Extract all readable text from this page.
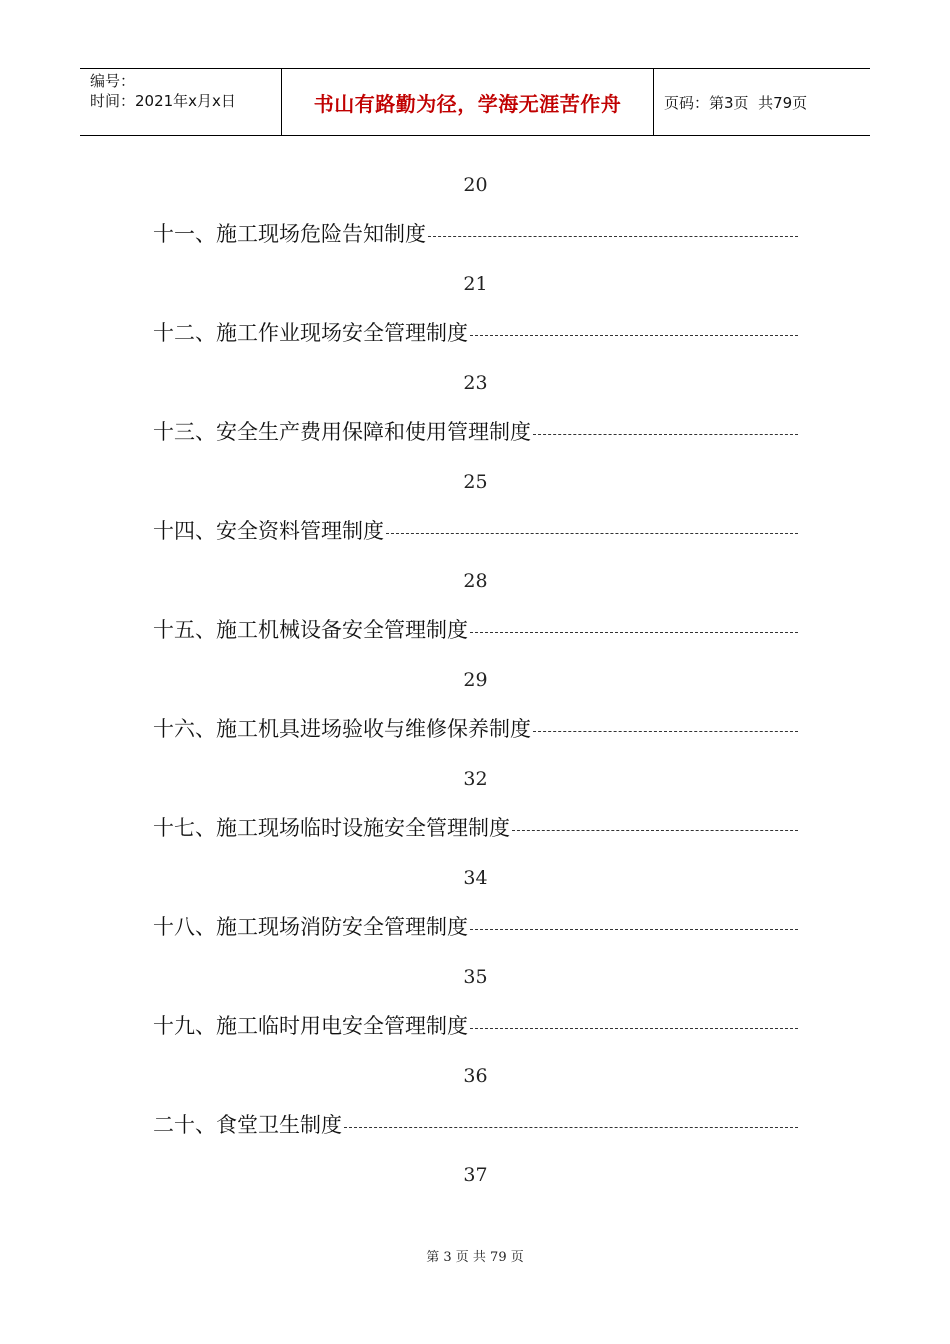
编号：
时间：2021年x月x日	书山有路勤为径，学海无涯苦作舟	页码：第3页  共79页
20
十一、施工现场危险告知制度
21
十二、施工作业现场安全管理制度
23
十三、安全生产费用保障和使用管理制度
25
十四、安全资料管理制度
28
十五、施工机械设备安全管理制度
29
十六、施工机具进场验收与维修保养制度
32
十七、施工现场临时设施安全管理制度
34
十八、施工现场消防安全管理制度
35
十九、施工临时用电安全管理制度
36
二十、食堂卫生制度
37
第 3 页 共 79 页
